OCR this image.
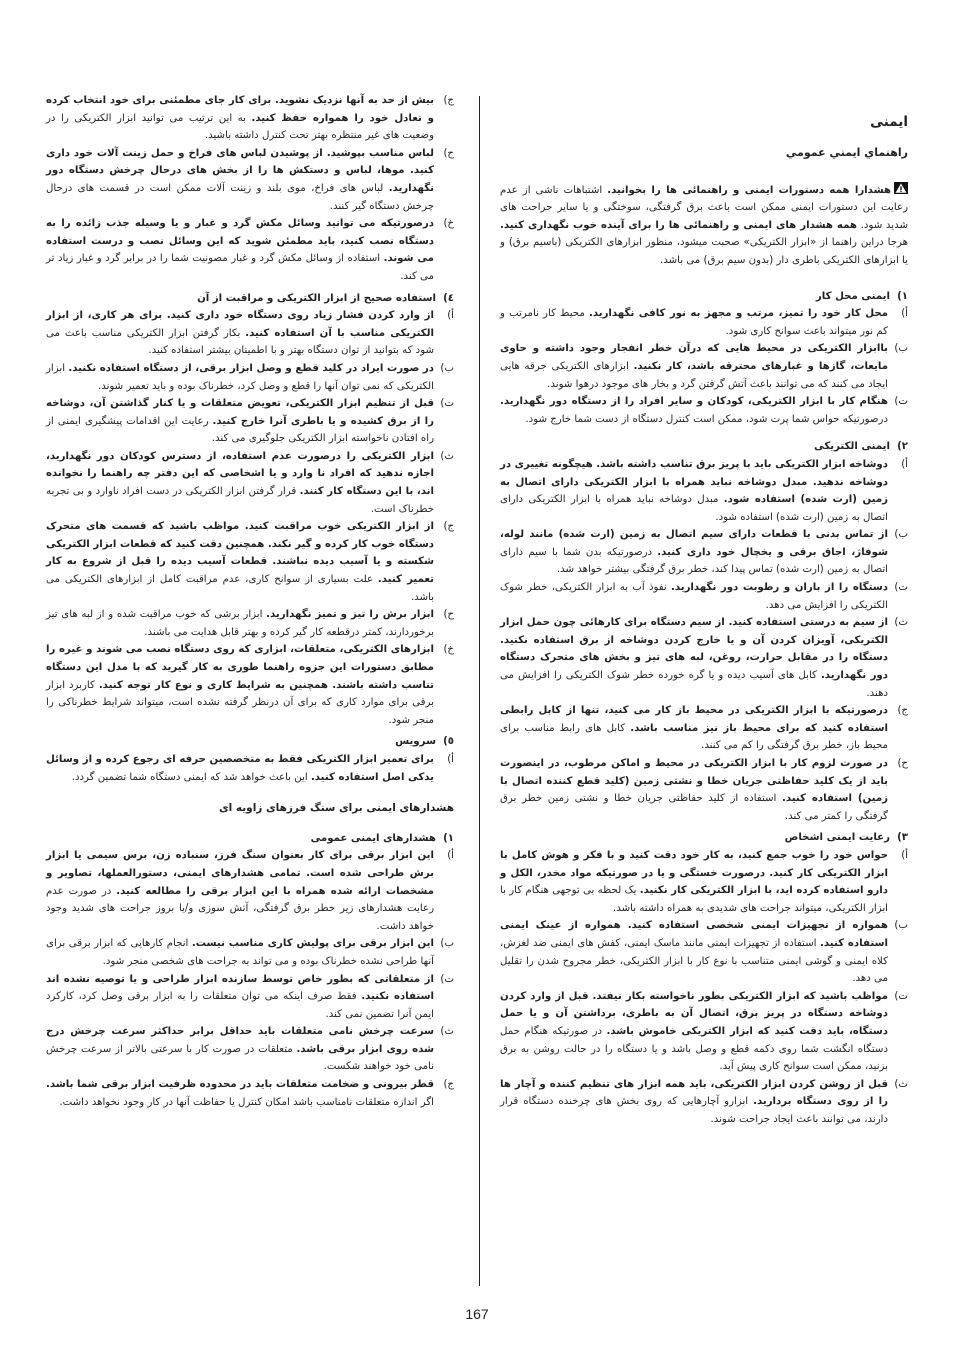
ایمنی
راهنماي ايمني عمومي
هشدارا همه دستورات ایمنی و راهنمائی ها را بخوانید. اشتباهات ناشی از عدم رعایت این دستورات ایمنی ممکن است باعث برق گرفتگی، سوختگی و یا سایر جراحت های شدید شود. همه هشدار های ایمنی و راهنمائی ها را برای آینده خوب نگهداری کنید. هرجا دراین راهنما از «ابزار الکتریکی» صحبت میشود، منظور ابزارهای الکتریکی (باسیم برق) و یا ابزارهای الکتریکی باطری دار (بدون سیم برق) می باشد.
١)
ایمنی محل کار
أ)
محل کار خود را تمیز، مرتب و مجهز به نور کافی نگهدارید. محیط کار نامرتب و کم نور میتواند باعث سوانح کاری شود.
ب)
باابزار الکتریکی در محیط هایی که درآن خطر انفجار وجود داشته و حاوی مایعات، گازها و غبارهای محترقه باشد، کار نکنید. ابزارهای الکتریکی جرقه هایی ایجاد می کنند که می توانند باعث آتش گرفتن گرد و بخار های موجود درهوا شوند.
ت)
هنگام کار با ابزار الکتریکی، کودکان و سایر افراد را از دستگاه دور نگهدارید. درصورتیکه حواس شما پرت شود، ممکن است کنترل دستگاه از دست شما خارج شود.
٢)
ایمنی الکتریکی
أ)
دوشاخه ابزار الکتریکی باید با پریز برق تناسب داشته باشد. هیچگونه تغییری در دوشاخه ندهید. مبدل دوشاخه نباید همراه با ابزار الکتریکی دارای اتصال به زمین (ارت شده) استفاده شود. مبدل دوشاخه نباید همراه با ابزار الکتریکی دارای اتصال به زمین (ارت شده) استفاده شود.
ب)
از تماس بدنی با قطعات دارای سیم اتصال به زمین (ارت شده) مانند لوله، شوفاژ، اجاق برقی و یخچال خود داری کنید. درصورتیکه بدن شما با سیم دارای اتصال به زمین (ارت شده) تماس پیدا کند، خطر برق گرفتگی بیشتر خواهد شد.
ت)
دستگاه را از باران و رطوبت دور نگهدارید. نفوذ آب به ابزار الکتریکی، خطر شوک الکتریکی را افزایش می دهد.
ث)
از سیم به درستی استفاده کنید. از سیم دستگاه برای کارهائی چون حمل ابزار الکتریکی، آویزان کردن آن و یا خارج کردن دوشاخه از برق استفاده نکنید. دستگاه را در مقابل حرارت، روغن، لبه های تیز و بخش های متحرک دستگاه دور نگهدارید. کابل های آسیب دیده و یا گره خورده خطر شوک الکتریکی را افزایش می دهند.
ج)
درصورتیکه با ابزار الکتریکی در محیط باز کار می کنید، تنها از کابل رابطی استفاده کنید که برای محیط باز نیز مناسب باشد. کابل های رابط مناسب برای محیط باز، خطر برق گرفتگی را کم می کنند.
ح)
در صورت لزوم کار با ابزار الکتریکی در محیط و اماکن مرطوب، در اینصورت باید از یک کلید حفاظتی جریان خطا و نشتی زمین (کلید قطع کننده اتصال با زمین) استفاده کنید. استفاده از کلید حفاظتی جریان خطا و نشتی زمین خطر برق گرفتگی را کمتر می کند.
٣)
رعایت ایمنی اشخاص
أ)
حواس خود را خوب جمع کنید، به کار خود دقت کنید و با فکر و هوش کامل با ابزار الکتریکی کار کنید. درصورت خستگی و یا در صورتیکه مواد مخدر، الکل و دارو استفاده کرده اید، با ابزار الکتریکی کار نکنید. یک لحظه بی توجهی هنگام کار با ابزار الکتریکی، میتواند جراحت های شدیدی به همراه داشته باشد.
ب)
همواره از تجهیزات ایمنی شخصی استفاده کنید. همواره از عینک ایمنی استفاده کنید. استفاده از تجهیزات ایمنی مانند ماسک ایمنی، کفش های ایمنی ضد لغزش، کلاه ایمنی و گوشی ایمنی متناسب با نوع کار با ابزار الکتریکی، خطر مجروح شدن را تقلیل می دهد.
ت)
مواظب باشید که ابزار الکتریکی بطور ناخواسته بکار نیفتد. قبل از وارد کردن دوشاخه دستگاه در پریز برق، اتصال آن به باطری، برداشتن آن و یا حمل دستگاه، باید دقت کنید که ابزار الکتریکی خاموش باشد. در صورتیکه هنگام حمل دستگاه انگشت شما روی دکمه قطع و وصل باشد و یا دستگاه را در حالت روشن به برق بزنید، ممکن است سوانح کاری پیش آید.
ث)
قبل از روشن کردن ابزار الکتریکی، باید همه ابزار های تنظیم کننده و آچار ها را از روی دستگاه برداريد. ابزارو آچارهایی که روی بخش های چرخنده دستگاه قرار دارند، می توانند باعث ایجاد جراحت شوند.
ج)
بیش از حد به آنها نزدیک نشوید. برای کار جای مطمئنی برای خود انتخاب کرده و تعادل خود را همواره حفظ کنید. به این ترتیب می توانید ابزار الکتریکی را در وضعیت های غیر منتظره بهتر تحت کنترل داشته باشید.
ح)
لباس مناسب بپوشید. از پوشیدن لباس های فراخ و حمل زينت آلات خود داری کنید. موها، لباس و دستکش ها را از بخش های درحال چرخش دستگاه دور نگهدارید. لباس های فراخ، موی بلند و زینت آلات ممکن است در قسمت های درحال چرخش دستگاه گیر کنند.
خ)
درصورتیکه می توانید وسائل مکش گرد و غبار و یا وسیله جذب زائده را به دستگاه نصب کنید، باید مطمئن شوید که این وسائل نصب و درست استفاده می شوند. استفاده از وسائل مکش گرد و غبار مصونیت شما را در برابر گرد و غبار زیاد تر می کند.
٤)
استفاده صحیح از ابزار الکتریکی و مراقبت از آن
أ)
از وارد کردن فشار زیاد روی دستگاه خود داری کنید. برای هر کاری، از ابزار الکتریکی مناسب با آن استفاده کنید. بکار گرفتن ابزار الکتریکی مناسب باعث می شود که بتوانید از توان دستگاه بهتر و با اطمینان بیشتر استفاده کنید.
ب)
در صورت ایراد در کلید قطع و وصل ابزار برقی، از دستگاه استفاده نکنید. ابزار الکتریکی که نمی توان آنها را قطع و وصل کرد، خطرناک بوده و باید تعمیر شوند.
ت)
قبل از تنظیم ابزار الکتریکی، تعویض متعلقات و یا کنار گذاشتن آن، دوشاخه را از برق کشیده و یا باطری آنرا خارج کنید. رعایت این اقدامات پیشگیری ایمنی از راه افتادن ناخواسته ابزار الکتریکی جلوگیری می کند.
ث)
ابزار الکتریکی را درصورت عدم استفاده، از دسترس کودکان دور نگهدارید، اجازه ندهید که افراد نا وارد و یا اشخاصی که این دفتر چه راهنما را نخوانده اند، با این دستگاه کار کنند. قرار گرفتن ابزار الکتریکی در دست افراد ناوارد و بی تجربه خطرناک است.
ج)
از ابزار الکتریکی خوب مراقبت کنید. مواظب باشید که قسمت های متحرک دستگاه خوب کار کرده و گیر نکند. همچنین دقت کنید که قطعات ابزار الکتریکی شکسته و یا آسیب دیده نباشند. قطعات آسیب دیده را قبل از شروع به کار تعمیر کنید. علت بسیاری از سوانح کاری، عدم مراقبت کامل از ابزارهای الکتریکی می باشد.
ح)
ابزار برش را تیز و تمیز نگهدارید. ابزار برشی که خوب مراقبت شده و از لبه های تیز برخوردارند، کمتر درقطعه کار گیر کرده و بهتر قابل هدایت می باشند.
خ)
ابزارهای الکتریکی، متعلقات، ابزاری که روی دستگاه نصب می شوند و غیره را مطابق دستورات این جزوه راهنما طوری به کار گیرید که با مدل این دستگاه تناسب داشته باشند. همچنین به شرایط کاری و نوع کار توجه کنید. کاربرد ابزار برقی برای موارد کاری که برای آن درنظر گرفته نشده است، میتواند شرایط خطرناکی را منجر شود.
٥)
سرویس
أ)
برای تعمیر ابزار الکتریکی فقط به متخصصین حرفه ای رجوع کرده و از وسائل یدکی اصل استفاده کنید. این باعث خواهد شد که ایمنی دستگاه شما تضمین گردد.
هشدارهای ایمنی برای سنگ فرزهای زاویه ای
١)
هشدارهای ایمنی عمومی
أ)
این ابزار برقی برای کار بعنوان سنگ فرز، سنباده زن، برس سیمی یا ابزار برش طراحی شده است. تمامی هشدارهای ایمنی، دستورالعملها، تصاویر و مشخصات ارائه شده همراه با این ابزار برقی را مطالعه کنید. در صورت عدم رعایت هشدارهای زیر خطر برق گرفتگی، آتش سوزی و/یا بروز جراحت های شدید وجود خواهد داشت.
ب)
این ابزار برقی برای پولیش کاری مناسب نیست. انجام کارهایی که ابزار برقی برای آنها طراحی نشده خطرناک بوده و می تواند به جراحت های شخصی منجر شود.
ت)
از متعلقاتی که بطور خاص توسط سازنده ابزار طراحی و یا توصیه نشده اند استفاده نکنید. فقط صرف اینکه می توان متعلقات را به ابزار برقی وصل کرد، کارکرد ایمن آنرا تضمین نمی کند.
ث)
سرعت چرخش نامی متعلقات باید حداقل برابر حداکثر سرعت چرخش درج شده روی ابزار برقی باشد. متعلقات در صورت کار با سرعتی بالاتر از سرعت چرخش نامی خود خواهند شکست.
ج)
قطر بیرونی و ضخامت متعلقات باید در محدوده ظرفیت ابزار برقی شما باشد. اگر اندازه متعلقات نامناسب باشد امکان کنترل یا حفاظت آنها در کار وجود نخواهد داشت.
167
